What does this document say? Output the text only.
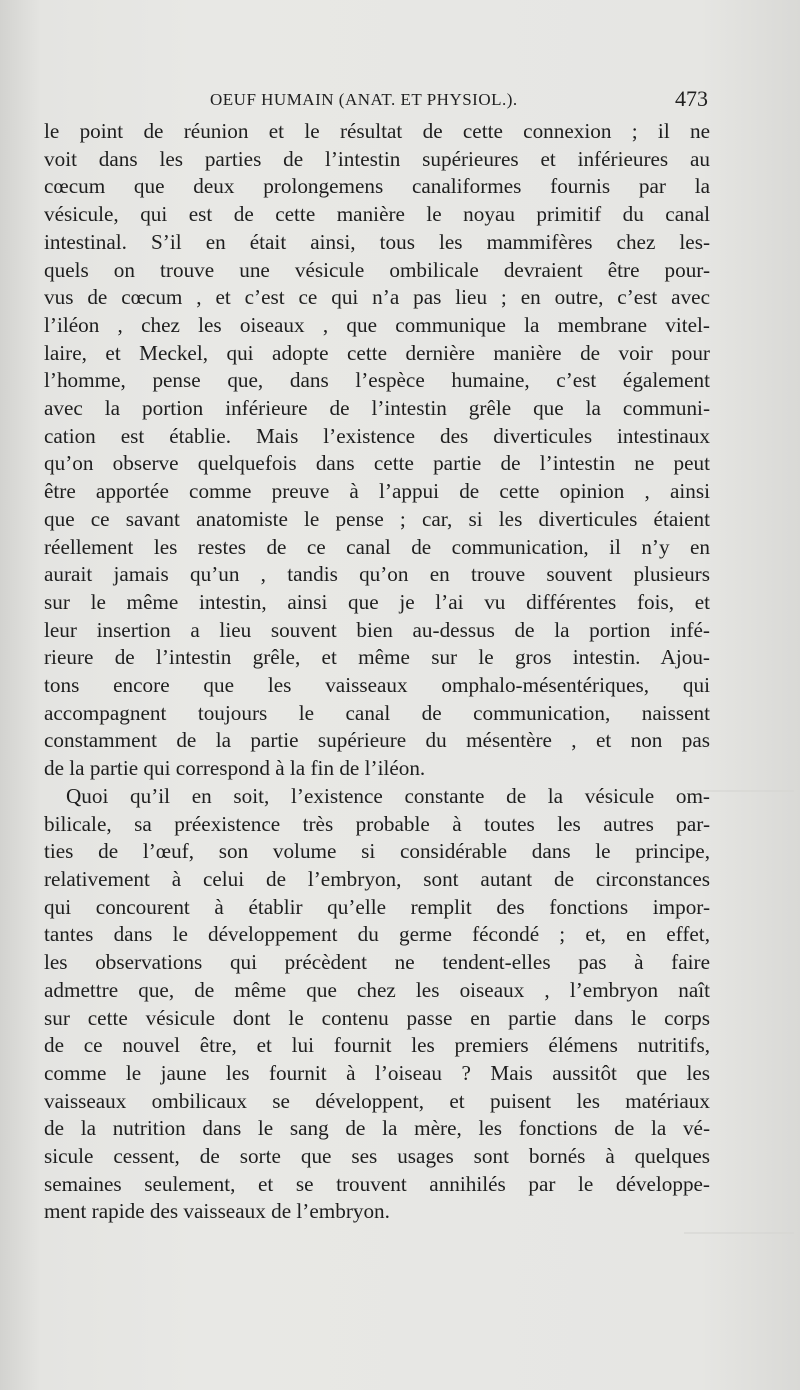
OEUF HUMAIN (ANAT. ET PHYSIOL.).	473
le point de réunion et le résultat de cette connexion ; il ne
voit dans les parties de l’intestin supérieures et inférieures au
cœcum que deux prolongemens canaliformes fournis par la
vésicule, qui est de cette manière le noyau primitif du canal
intestinal. S’il en était ainsi, tous les mammifères chez les-
quels on trouve une vésicule ombilicale devraient être pour-
vus de cœcum , et c’est ce qui n’a pas lieu ; en outre, c’est avec
l’iléon , chez les oiseaux , que communique la membrane vitel-
laire, et Meckel, qui adopte cette dernière manière de voir pour
l’homme, pense que, dans l’espèce humaine, c’est également
avec la portion inférieure de l’intestin grêle que la communi-
cation est établie. Mais l’existence des diverticules intestinaux
qu’on observe quelquefois dans cette partie de l’intestin ne peut
être apportée comme preuve à l’appui de cette opinion , ainsi
que ce savant anatomiste le pense ; car, si les diverticules étaient
réellement les restes de ce canal de communication, il n’y en
aurait jamais qu’un , tandis qu’on en trouve souvent plusieurs
sur le même intestin, ainsi que je l’ai vu différentes fois, et
leur insertion a lieu souvent bien au-dessus de la portion infé-
rieure de l’intestin grêle, et même sur le gros intestin. Ajou-
tons encore que les vaisseaux omphalo-mésentériques, qui
accompagnent toujours le canal de communication, naissent
constamment de la partie supérieure du mésentère , et non pas
de la partie qui correspond à la fin de l’iléon.
Quoi qu’il en soit, l’existence constante de la vésicule om-
bilicale, sa préexistence très probable à toutes les autres par-
ties de l’œuf, son volume si considérable dans le principe,
relativement à celui de l’embryon, sont autant de circonstances
qui concourent à établir qu’elle remplit des fonctions impor-
tantes dans le développement du germe fécondé ; et, en effet,
les observations qui précèdent ne tendent-elles pas à faire
admettre que, de même que chez les oiseaux , l’embryon naît
sur cette vésicule dont le contenu passe en partie dans le corps
de ce nouvel être, et lui fournit les premiers élémens nutritifs,
comme le jaune les fournit à l’oiseau ? Mais aussitôt que les
vaisseaux ombilicaux se développent, et puisent les matériaux
de la nutrition dans le sang de la mère, les fonctions de la vé-
sicule cessent, de sorte que ses usages sont bornés à quelques
semaines seulement, et se trouvent annihilés par le développe-
ment rapide des vaisseaux de l’embryon.
